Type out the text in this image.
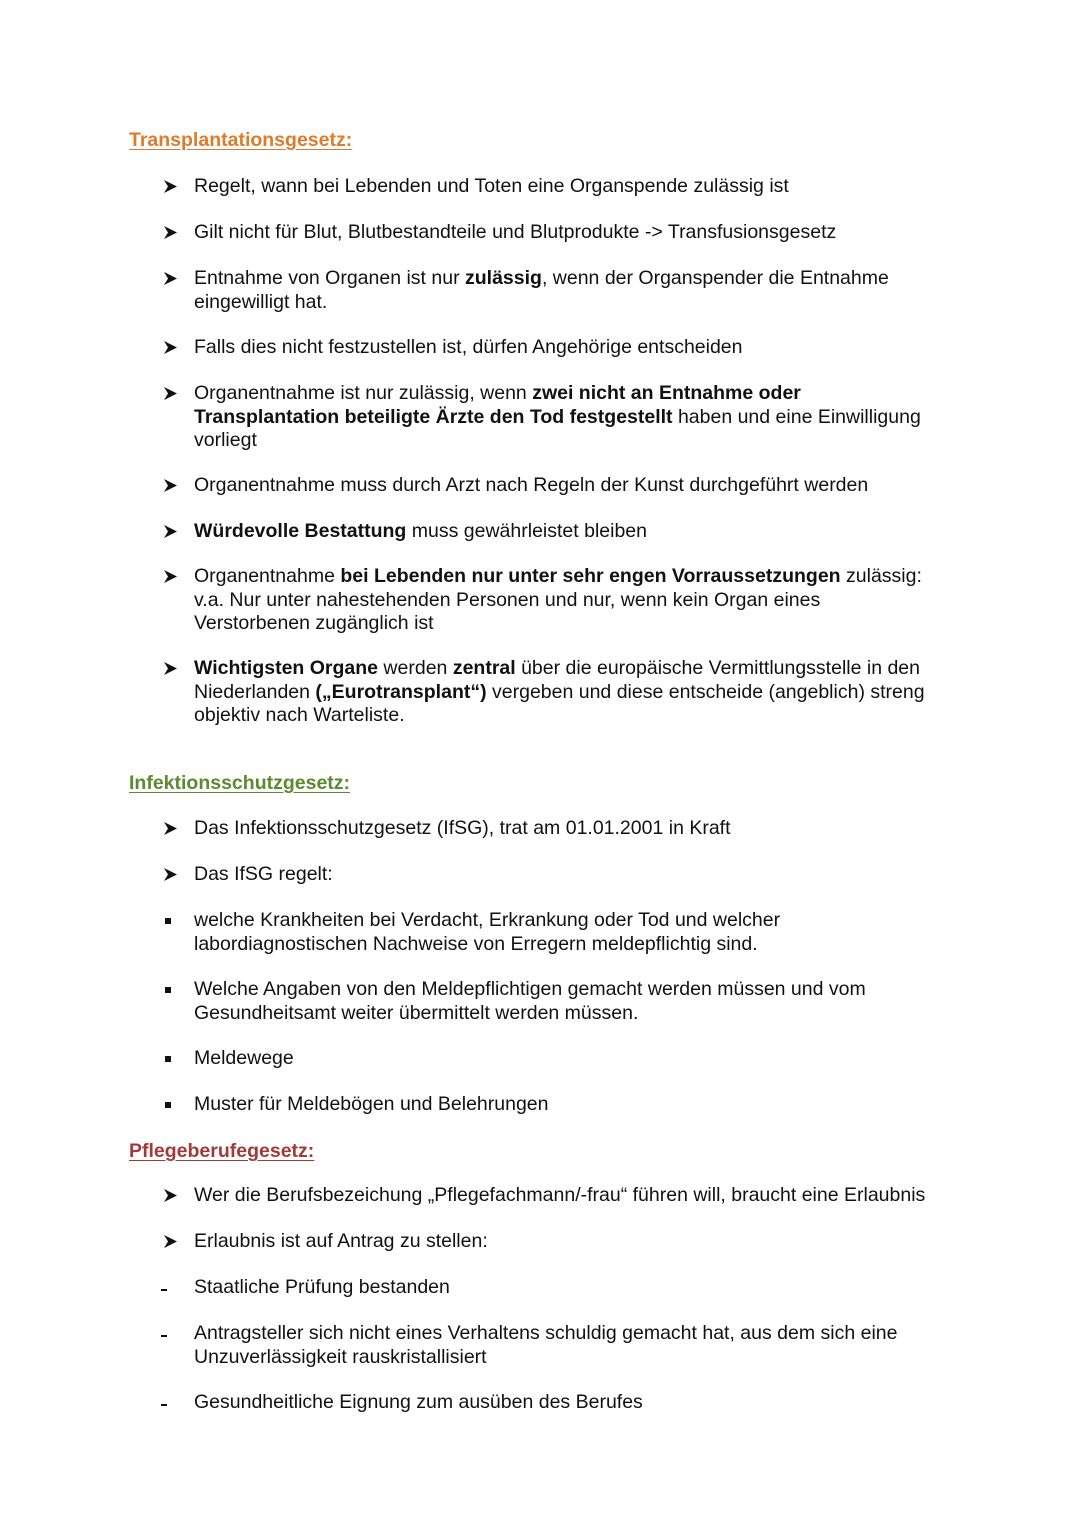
Transplantationsgesetz:
Regelt, wann bei Lebenden und Toten eine Organspende zulässig ist
Gilt nicht für Blut, Blutbestandteile und Blutprodukte -> Transfusionsgesetz
Entnahme von Organen ist nur zulässig, wenn der Organspender die Entnahme
eingewilligt hat.
Falls dies nicht festzustellen ist, dürfen Angehörige entscheiden
Organentnahme ist nur zulässig, wenn zwei nicht an Entnahme oder
Transplantation beteiligte Ärzte den Tod festgestellt haben und eine Einwilligung
vorliegt
Organentnahme muss durch Arzt nach Regeln der Kunst durchgeführt werden
Würdevolle Bestattung muss gewährleistet bleiben
Organentnahme bei Lebenden nur unter sehr engen Vorraussetzungen zulässig:
v.a. Nur unter nahestehenden Personen und nur, wenn kein Organ eines
Verstorbenen zugänglich ist
Wichtigsten Organe werden zentral über die europäische Vermittlungsstelle in den
Niederlanden („Eurotransplant“) vergeben und diese entscheide (angeblich) streng
objektiv nach Warteliste.
Infektionsschutzgesetz:
Das Infektionsschutzgesetz (IfSG), trat am 01.01.2001 in Kraft
Das IfSG regelt:
welche Krankheiten bei Verdacht, Erkrankung oder Tod und welcher
labordiagnostischen Nachweise von Erregern meldepflichtig sind.
Welche Angaben von den Meldepflichtigen gemacht werden müssen und vom
Gesundheitsamt weiter übermittelt werden müssen.
Meldewege
Muster für Meldebögen und Belehrungen
Pflegeberufegesetz:
Wer die Berufsbezeichung „Pflegefachmann/-frau“ führen will, braucht eine Erlaubnis
Erlaubnis ist auf Antrag zu stellen:
Staatliche Prüfung bestanden
Antragsteller sich nicht eines Verhaltens schuldig gemacht hat, aus dem sich eine
Unzuverlässigkeit rauskristallisiert
Gesundheitliche Eignung zum ausüben des Berufes
